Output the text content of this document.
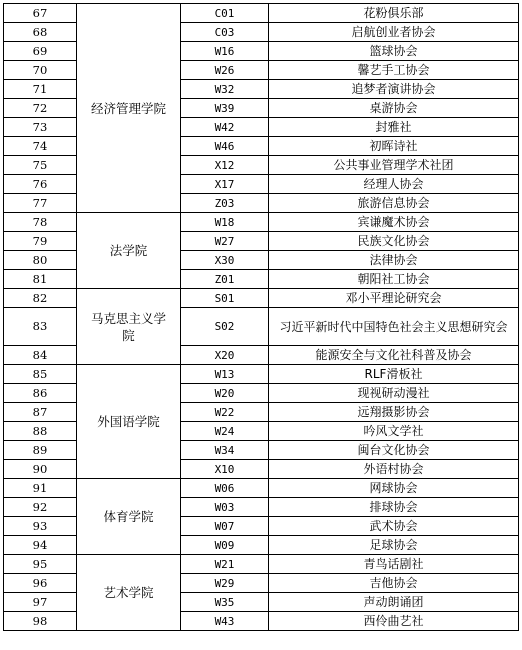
67	经济管理学院	C01	花粉俱乐部
68		C03	启航创业者协会
69		W16	篮球协会
70		W26	馨艺手工协会
71		W32	追梦者演讲协会
72		W39	桌游协会
73		W42	封雅社
74		W46	初晖诗社
75		X12	公共事业管理学术社团
76		X17	经理人协会
77		Z03	旅游信息协会
78	法学院	W18	宾谦魔术协会
79		W27	民族文化协会
80		X30	法律协会
81		Z01	朝阳社工协会
82	马克思主义学院	S01	邓小平理论研究会
83		S02	习近平新时代中国特色社会主义思想研究会
84		X20	能源安全与文化社科普及协会
85	外国语学院	W13	RLF滑板社
86		W20	现视研动漫社
87		W22	远翔摄影协会
88		W24	吟风文学社
89		W34	闽台文化协会
90		X10	外语村协会
91	体育学院	W06	网球协会
92		W03	排球协会
93		W07	武术协会
94		W09	足球协会
95	艺术学院	W21	青鸟话剧社
96		W29	吉他协会
97		W35	声动朗诵团
98		W43	西伶曲艺社
